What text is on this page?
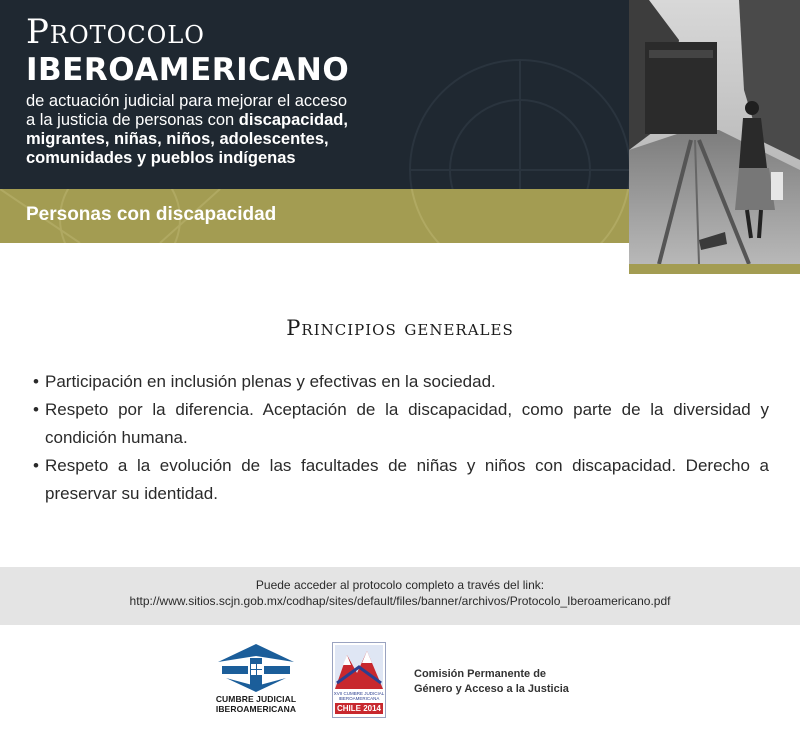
Protocolo
IBEROAMERICANO
de actuación judicial para mejorar el acceso a la justicia de personas con discapacidad, migrantes, niñas, niños, adolescentes, comunidades y pueblos indígenas
Personas con discapacidad
Principios generales
• Participación en inclusión plenas y efectivas en la sociedad.
• Respeto por la diferencia. Aceptación de la discapacidad, como parte de la diversidad y condición humana.
• Respeto a la evolución de las facultades de niñas y niños con discapacidad. Derecho a preservar su identidad.
Puede acceder al protocolo completo a través del link:
http://www.sitios.scjn.gob.mx/codhap/sites/default/files/banner/archivos/Protocolo_Iberoamericano.pdf
CUMBRE JUDICIAL IBEROAMERICANA
XVII CUMBRE JUDICIAL IBEROAMERICANA
CHILE 2014
Comisión Permanente de
Género y Acceso a la Justicia
